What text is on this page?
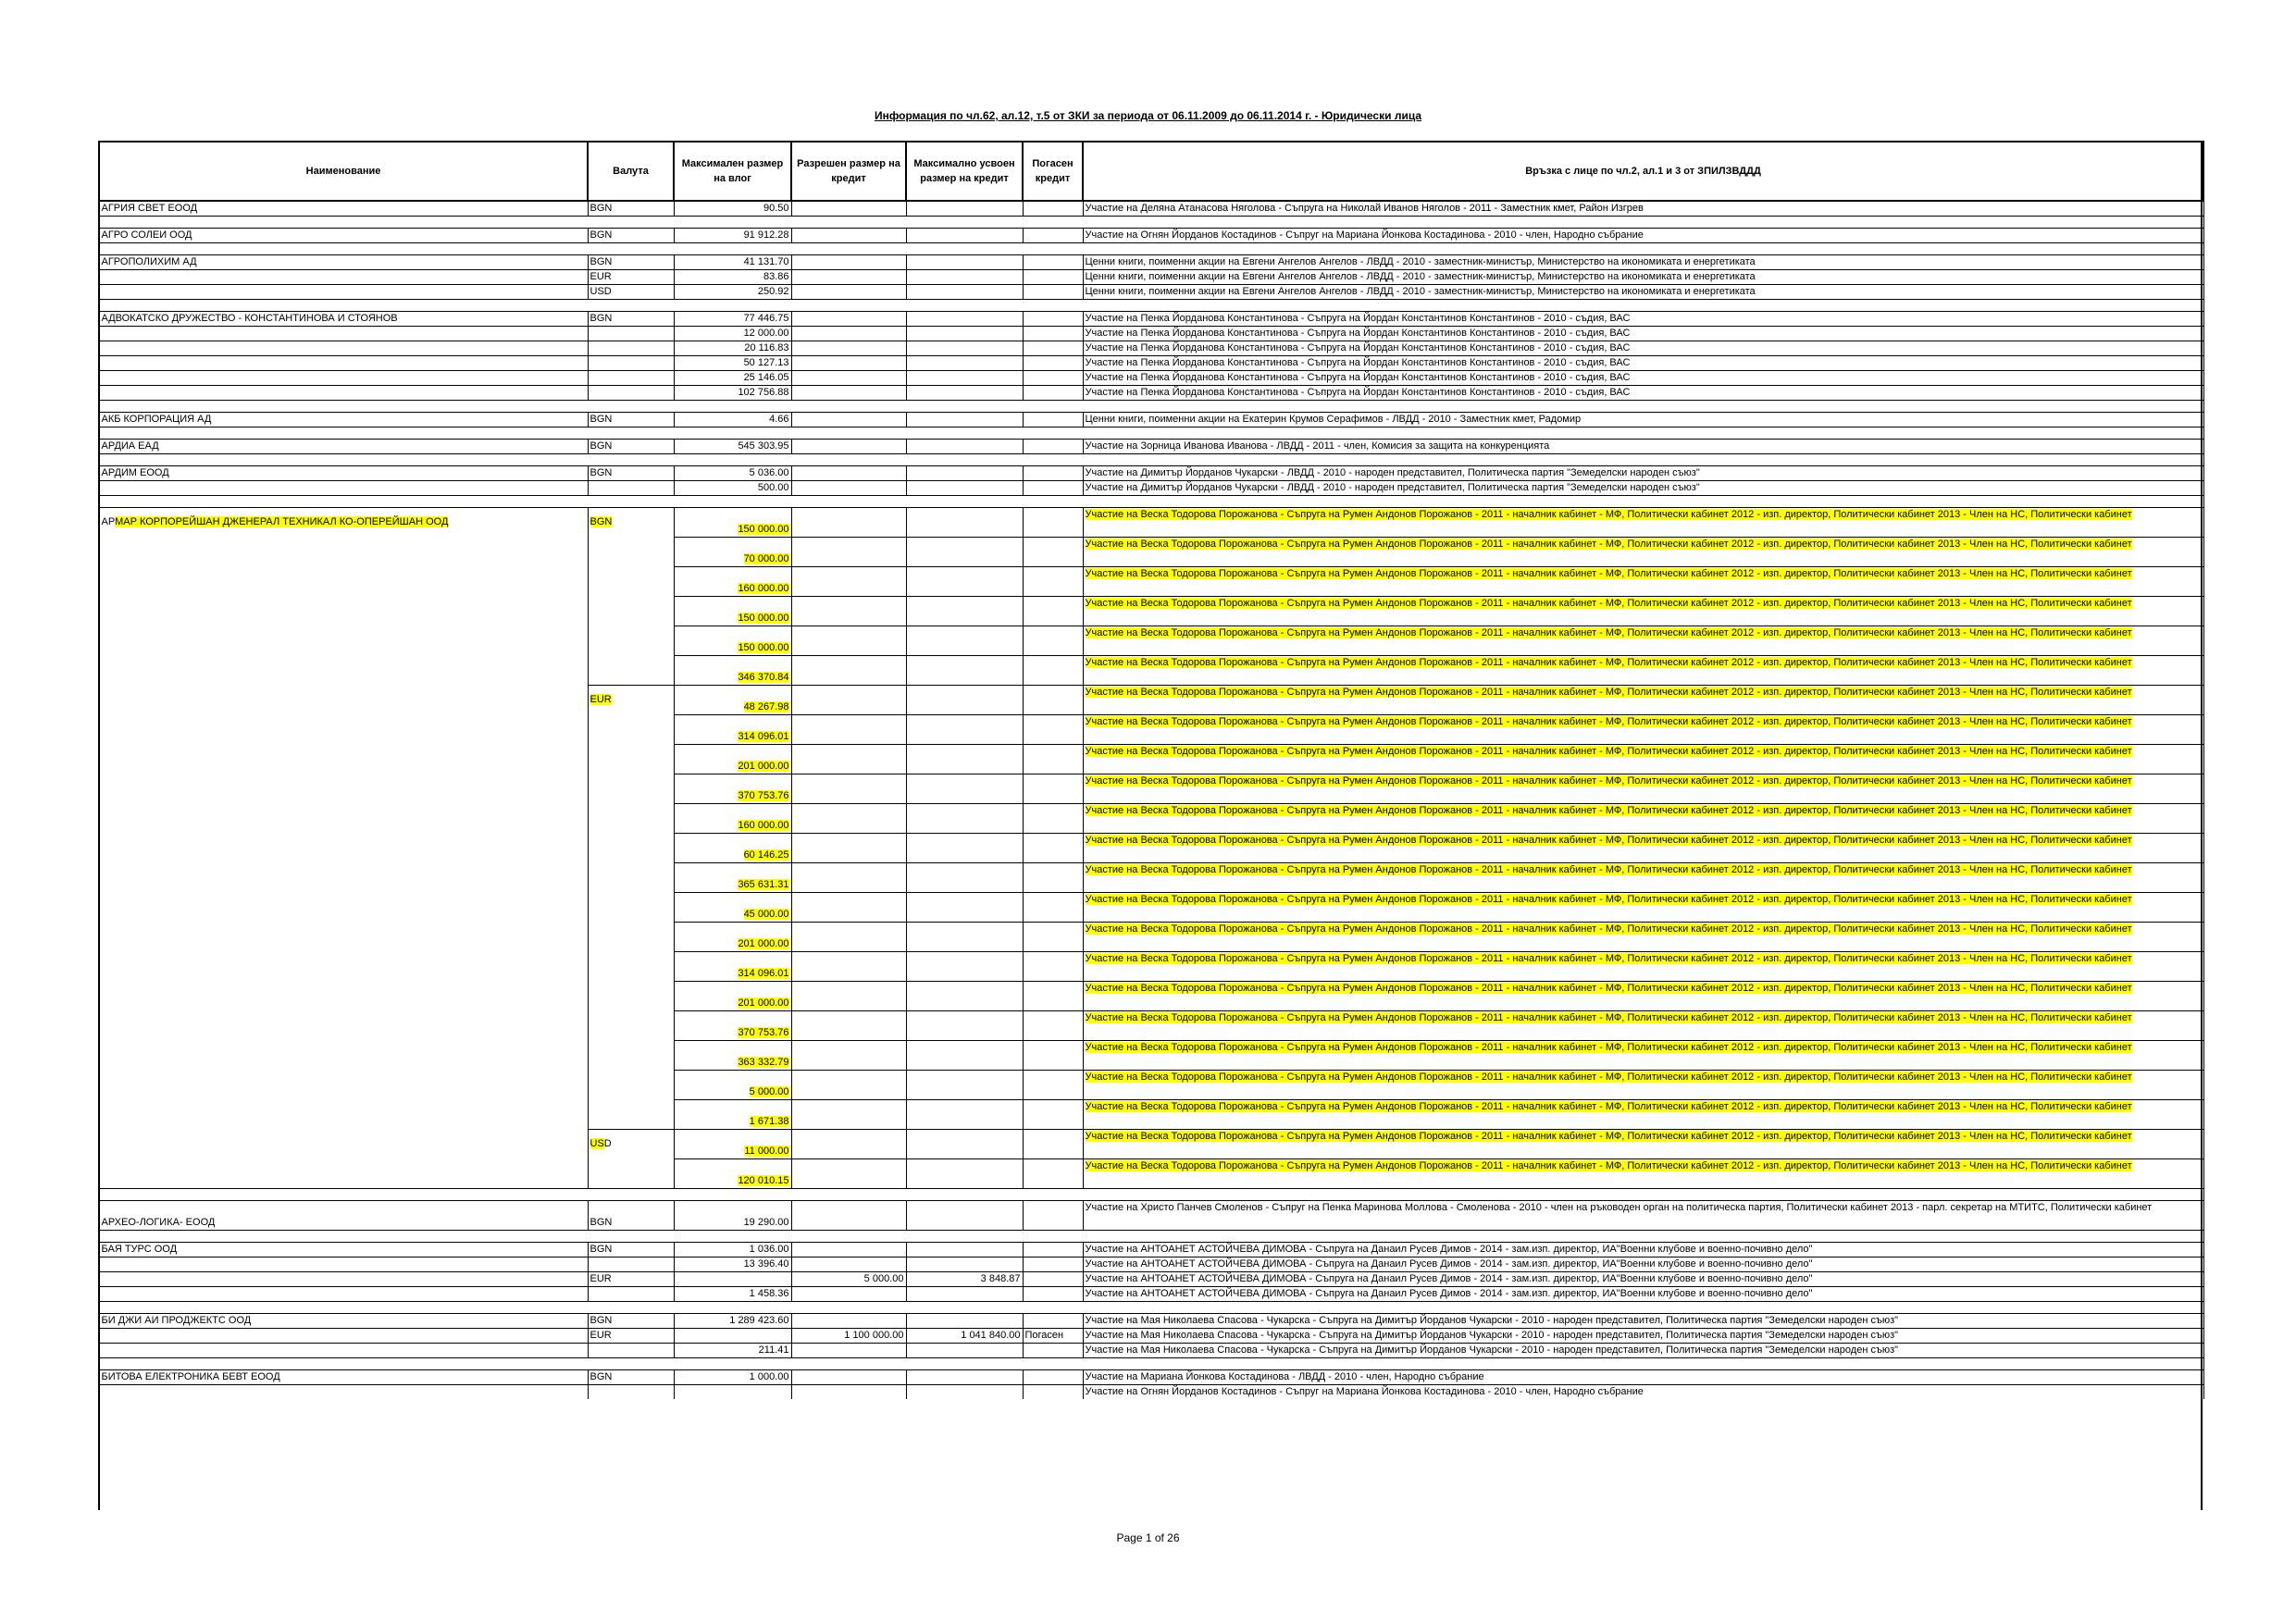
Информация по чл.62, ал.12, т.5 от ЗКИ за периода от 06.11.2009 до 06.11.2014 г. - Юридически лица
Наименование	Валута	Максимален размер на влог	Разрешен размер на кредит	Максимално усвоен размер на кредит	Погасен кредит	Връзка с лице по чл.2, ал.1 и 3 от ЗПИЛЗВДДД
АГРИЯ СВЕТ ЕООД	BGN	90.50				Участие на Деляна Атанасова Няголова - Съпруга на Николай Иванов Няголов - 2011 - Заместник кмет, Район Изгрев

АГРО СОЛЕИ ООД	BGN	91 912.28				Участие на Огнян Йорданов Костадинов - Съпруг на Мариана Йонкова Костадинова - 2010 - член, Народно събрание

АГРОПОЛИХИМ АД	BGN	41 131.70				Ценни книги, поименни акции на Евгени Ангелов Ангелов - ЛВДД - 2010 - заместник-министър, Министерство на икономиката и енергетиката
	EUR	83.86				Ценни книги, поименни акции на Евгени Ангелов Ангелов - ЛВДД - 2010 - заместник-министър, Министерство на икономиката и енергетиката
	USD	250.92				Ценни книги, поименни акции на Евгени Ангелов Ангелов - ЛВДД - 2010 - заместник-министър, Министерство на икономиката и енергетиката

АДВОКАТСКО ДРУЖЕСТВО - КОНСТАНТИНОВА И СТОЯНОВ	BGN	77 446.75				Участие на Пенка Йорданова Константинова - Съпруга на Йордан Константинов Константинов - 2010 - съдия, ВАС
		12 000.00				Участие на Пенка Йорданова Константинова - Съпруга на Йордан Константинов Константинов - 2010 - съдия, ВАС
		20 116.83				Участие на Пенка Йорданова Константинова - Съпруга на Йордан Константинов Константинов - 2010 - съдия, ВАС
		50 127.13				Участие на Пенка Йорданова Константинова - Съпруга на Йордан Константинов Константинов - 2010 - съдия, ВАС
		25 146.05				Участие на Пенка Йорданова Константинова - Съпруга на Йордан Константинов Константинов - 2010 - съдия, ВАС
		102 756.88				Участие на Пенка Йорданова Константинова - Съпруга на Йордан Константинов Константинов - 2010 - съдия, ВАС

АКБ КОРПОРАЦИЯ АД	BGN	4.66				Ценни книги, поименни акции на Екатерин Крумов Серафимов - ЛВДД - 2010 - Заместник кмет, Радомир

АРДИА ЕАД	BGN	545 303.95				Участие на Зорница Иванова Иванова - ЛВДД - 2011 - член, Комисия за защита на конкуренцията

АРДИМ ЕООД	BGN	5 036.00				Участие на Димитър Йорданов Чукарски - ЛВДД - 2010 - народен представител, Политическа партия "Земеделски народен съюз"
		500.00				Участие на Димитър Йорданов Чукарски - ЛВДД - 2010 - народен представител, Политическа партия "Земеделски народен съюз"

АРМАР КОРПОРЕЙШАН ДЖЕНЕРАЛ ТЕХНИКАЛ КО-ОПЕРЕЙШАН ООД	BGN	150 000.00				Участие на Веска Тодорова Порожанова - Съпруга на Румен Андонов Порожанов - 2011 - началник кабинет - МФ, Политически кабинет 2012 - изп. директор, Политически кабинет 2013 - Член на НС, Политически кабинет
		70 000.00				Участие на Веска Тодорова Порожанова - Съпруга на Румен Андонов Порожанов - 2011 - началник кабинет - МФ, Политически кабинет 2012 - изп. директор, Политически кабинет 2013 - Член на НС, Политически кабинет
		160 000.00				Участие на Веска Тодорова Порожанова - Съпруга на Румен Андонов Порожанов - 2011 - началник кабинет - МФ, Политически кабинет 2012 - изп. директор, Политически кабинет 2013 - Член на НС, Политически кабинет
		150 000.00				Участие на Веска Тодорова Порожанова - Съпруга на Румен Андонов Порожанов - 2011 - началник кабинет - МФ, Политически кабинет 2012 - изп. директор, Политически кабинет 2013 - Член на НС, Политически кабинет
		150 000.00				Участие на Веска Тодорова Порожанова - Съпруга на Румен Андонов Порожанов - 2011 - началник кабинет - МФ, Политически кабинет 2012 - изп. директор, Политически кабинет 2013 - Член на НС, Политически кабинет
		346 370.84				Участие на Веска Тодорова Порожанова - Съпруга на Румен Андонов Порожанов - 2011 - началник кабинет - МФ, Политически кабинет 2012 - изп. директор, Политически кабинет 2013 - Член на НС, Политически кабинет
	EUR	48 267.98				Участие на Веска Тодорова Порожанова - Съпруга на Румен Андонов Порожанов - 2011 - началник кабинет - МФ, Политически кабинет 2012 - изп. директор, Политически кабинет 2013 - Член на НС, Политически кабинет
		314 096.01				Участие на Веска Тодорова Порожанова - Съпруга на Румен Андонов Порожанов - 2011 - началник кабинет - МФ, Политически кабинет 2012 - изп. директор, Политически кабинет 2013 - Член на НС, Политически кабинет
		201 000.00				Участие на Веска Тодорова Порожанова - Съпруга на Румен Андонов Порожанов - 2011 - началник кабинет - МФ, Политически кабинет 2012 - изп. директор, Политически кабинет 2013 - Член на НС, Политически кабинет
		370 753.76				Участие на Веска Тодорова Порожанова - Съпруга на Румен Андонов Порожанов - 2011 - началник кабинет - МФ, Политически кабинет 2012 - изп. директор, Политически кабинет 2013 - Член на НС, Политически кабинет
		160 000.00				Участие на Веска Тодорова Порожанова - Съпруга на Румен Андонов Порожанов - 2011 - началник кабинет - МФ, Политически кабинет 2012 - изп. директор, Политически кабинет 2013 - Член на НС, Политически кабинет
		60 146.25				Участие на Веска Тодорова Порожанова - Съпруга на Румен Андонов Порожанов - 2011 - началник кабинет - МФ, Политически кабинет 2012 - изп. директор, Политически кабинет 2013 - Член на НС, Политически кабинет
		365 631.31				Участие на Веска Тодорова Порожанова - Съпруга на Румен Андонов Порожанов - 2011 - началник кабинет - МФ, Политически кабинет 2012 - изп. директор, Политически кабинет 2013 - Член на НС, Политически кабинет
		45 000.00				Участие на Веска Тодорова Порожанова - Съпруга на Румен Андонов Порожанов - 2011 - началник кабинет - МФ, Политически кабинет 2012 - изп. директор, Политически кабинет 2013 - Член на НС, Политически кабинет
		201 000.00				Участие на Веска Тодорова Порожанова - Съпруга на Румен Андонов Порожанов - 2011 - началник кабинет - МФ, Политически кабинет 2012 - изп. директор, Политически кабинет 2013 - Член на НС, Политически кабинет
		314 096.01				Участие на Веска Тодорова Порожанова - Съпруга на Румен Андонов Порожанов - 2011 - началник кабинет - МФ, Политически кабинет 2012 - изп. директор, Политически кабинет 2013 - Член на НС, Политически кабинет
		201 000.00				Участие на Веска Тодорова Порожанова - Съпруга на Румен Андонов Порожанов - 2011 - началник кабинет - МФ, Политически кабинет 2012 - изп. директор, Политически кабинет 2013 - Член на НС, Политически кабинет
		370 753.76				Участие на Веска Тодорова Порожанова - Съпруга на Румен Андонов Порожанов - 2011 - началник кабинет - МФ, Политически кабинет 2012 - изп. директор, Политически кабинет 2013 - Член на НС, Политически кабинет
		363 332.79				Участие на Веска Тодорова Порожанова - Съпруга на Румен Андонов Порожанов - 2011 - началник кабинет - МФ, Политически кабинет 2012 - изп. директор, Политически кабинет 2013 - Член на НС, Политически кабинет
		5 000.00				Участие на Веска Тодорова Порожанова - Съпруга на Румен Андонов Порожанов - 2011 - началник кабинет - МФ, Политически кабинет 2012 - изп. директор, Политически кабинет 2013 - Член на НС, Политически кабинет
		1 671.38				Участие на Веска Тодорова Порожанова - Съпруга на Румен Андонов Порожанов - 2011 - началник кабинет - МФ, Политически кабинет 2012 - изп. директор, Политически кабинет 2013 - Член на НС, Политически кабинет
	USD	11 000.00				Участие на Веска Тодорова Порожанова - Съпруга на Румен Андонов Порожанов - 2011 - началник кабинет - МФ, Политически кабинет 2012 - изп. директор, Политически кабинет 2013 - Член на НС, Политически кабинет
		120 010.15				Участие на Веска Тодорова Порожанова - Съпруга на Румен Андонов Порожанов - 2011 - началник кабинет - МФ, Политически кабинет 2012 - изп. директор, Политически кабинет 2013 - Член на НС, Политически кабинет

АРХЕО-ЛОГИКА- ЕООД	BGN	19 290.00				Участие на Христо Панчев Смоленов - Съпруг на Пенка Маринова Моллова - Смоленова - 2010 - член на ръководен орган на политическа партия, Политически кабинет 2013 - парл. секретар на МТИТС, Политически кабинет

БАЯ ТУРС ООД	BGN	1 036.00				Участие на АНТОАНЕТ АСТОЙЧЕВА ДИМОВА - Съпруга на Данаил Русев Димов - 2014 - зам.изп. директор, ИА"Военни клубове и военно-почивно дело"
		13 396.40				Участие на АНТОАНЕТ АСТОЙЧЕВА ДИМОВА - Съпруга на Данаил Русев Димов - 2014 - зам.изп. директор, ИА"Военни клубове и военно-почивно дело"
	EUR		5 000.00	3 848.87		Участие на АНТОАНЕТ АСТОЙЧЕВА ДИМОВА - Съпруга на Данаил Русев Димов - 2014 - зам.изп. директор, ИА"Военни клубове и военно-почивно дело"
		1 458.36				Участие на АНТОАНЕТ АСТОЙЧЕВА ДИМОВА - Съпруга на Данаил Русев Димов - 2014 - зам.изп. директор, ИА"Военни клубове и военно-почивно дело"

БИ ДЖИ АИ ПРОДЖЕКТС ООД	BGN	1 289 423.60				Участие на Мая Николаева Спасова - Чукарска - Съпруга на Димитър Йорданов Чукарски - 2010 - народен представител, Политическа партия "Земеделски народен съюз"
	EUR		1 100 000.00	1 041 840.00	Погасен	Участие на Мая Николаева Спасова - Чукарска - Съпруга на Димитър Йорданов Чукарски - 2010 - народен представител, Политическа партия "Земеделски народен съюз"
		211.41				Участие на Мая Николаева Спасова - Чукарска - Съпруга на Димитър Йорданов Чукарски - 2010 - народен представител, Политическа партия "Земеделски народен съюз"

БИТОВА ЕЛЕКТРОНИКА БЕВТ ЕООД	BGN	1 000.00				Участие на Мариана Йонкова Костадинова - ЛВДД - 2010 - член, Народно събрание
						Участие на Огнян Йорданов Костадинов - Съпруг на Мариана Йонкова Костадинова - 2010 - член, Народно събрание
Page 1 of 26
